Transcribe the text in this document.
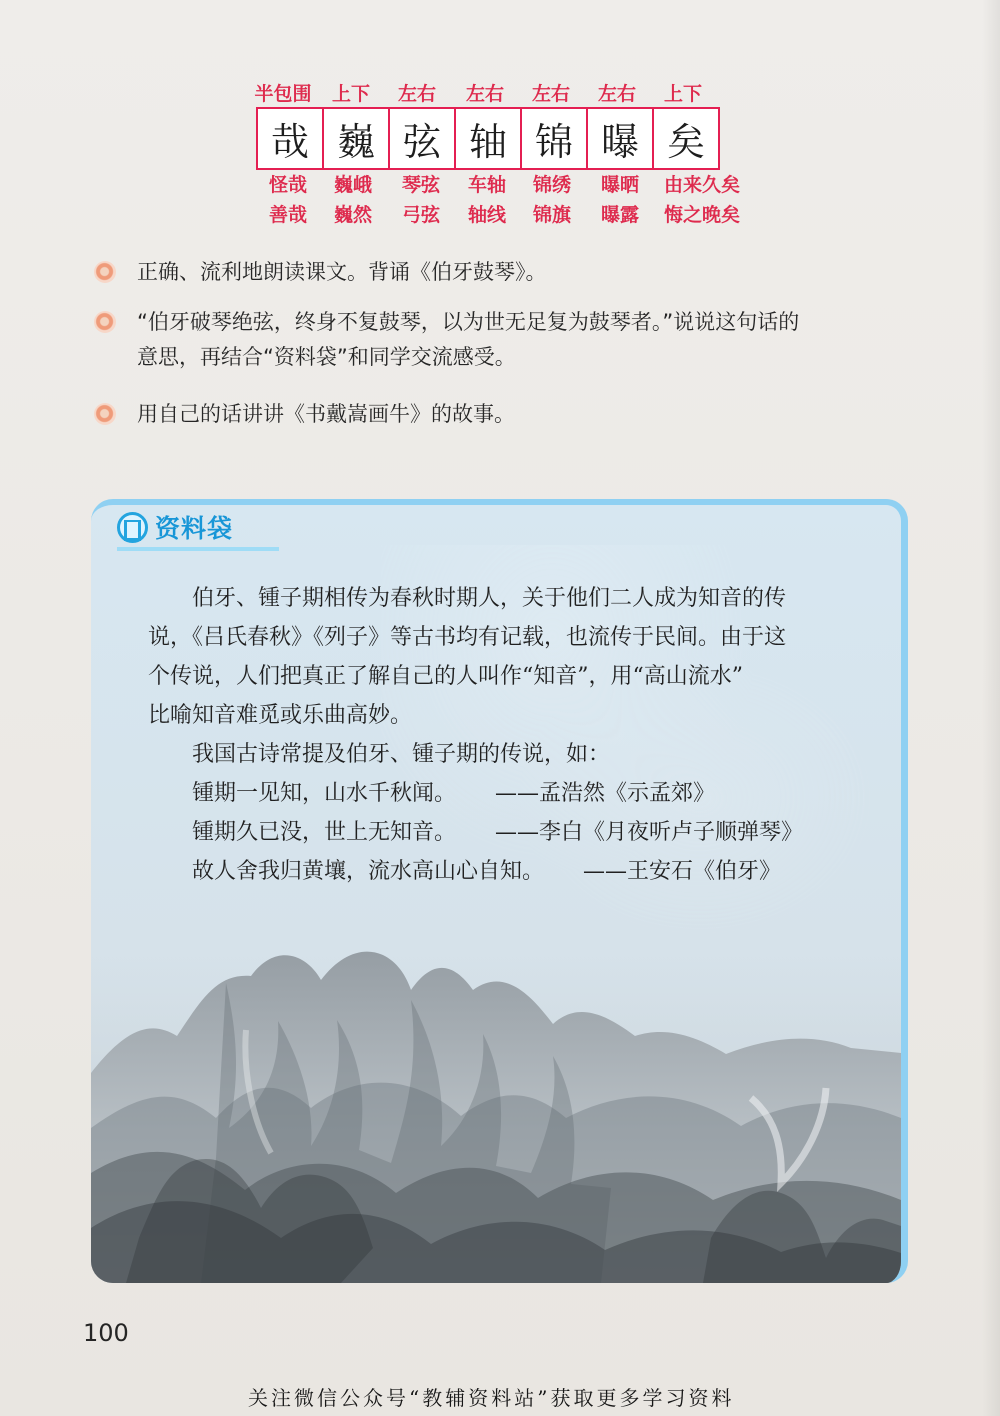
半包围	上下	左右	左右	左右	左右	上下
哉 巍 弦 轴 锦 曝 矣
怪哉	巍峨	琴弦	车轴	锦绣	曝晒	由来久矣
善哉	巍然	弓弦	轴线	锦旗	曝露	悔之晚矣
正确、流利地朗读课文。背诵《伯牙鼓琴》。
“伯牙破琴绝弦，终身不复鼓琴，以为世无足复为鼓琴者。”说说这句话的
意思，再结合“资料袋”和同学交流感受。
用自己的话讲讲《书戴嵩画牛》的故事。
资料袋
伯牙、锺子期相传为春秋时期人，关于他们二人成为知音的传
说，《吕氏春秋》《列子》等古书均有记载，也流传于民间。由于这
个传说，人们把真正了解自己的人叫作“知音”，用“高山流水”
比喻知音难觅或乐曲高妙。
我国古诗常提及伯牙、锺子期的传说，如：
锺期一见知，山水千秋闻。 ——孟浩然《示孟郊》
锺期久已没，世上无知音。 ——李白《月夜听卢子顺弹琴》
故人舍我归黄壤，流水高山心自知。 ——王安石《伯牙》
100
关注微信公众号“教辅资料站”获取更多学习资料
